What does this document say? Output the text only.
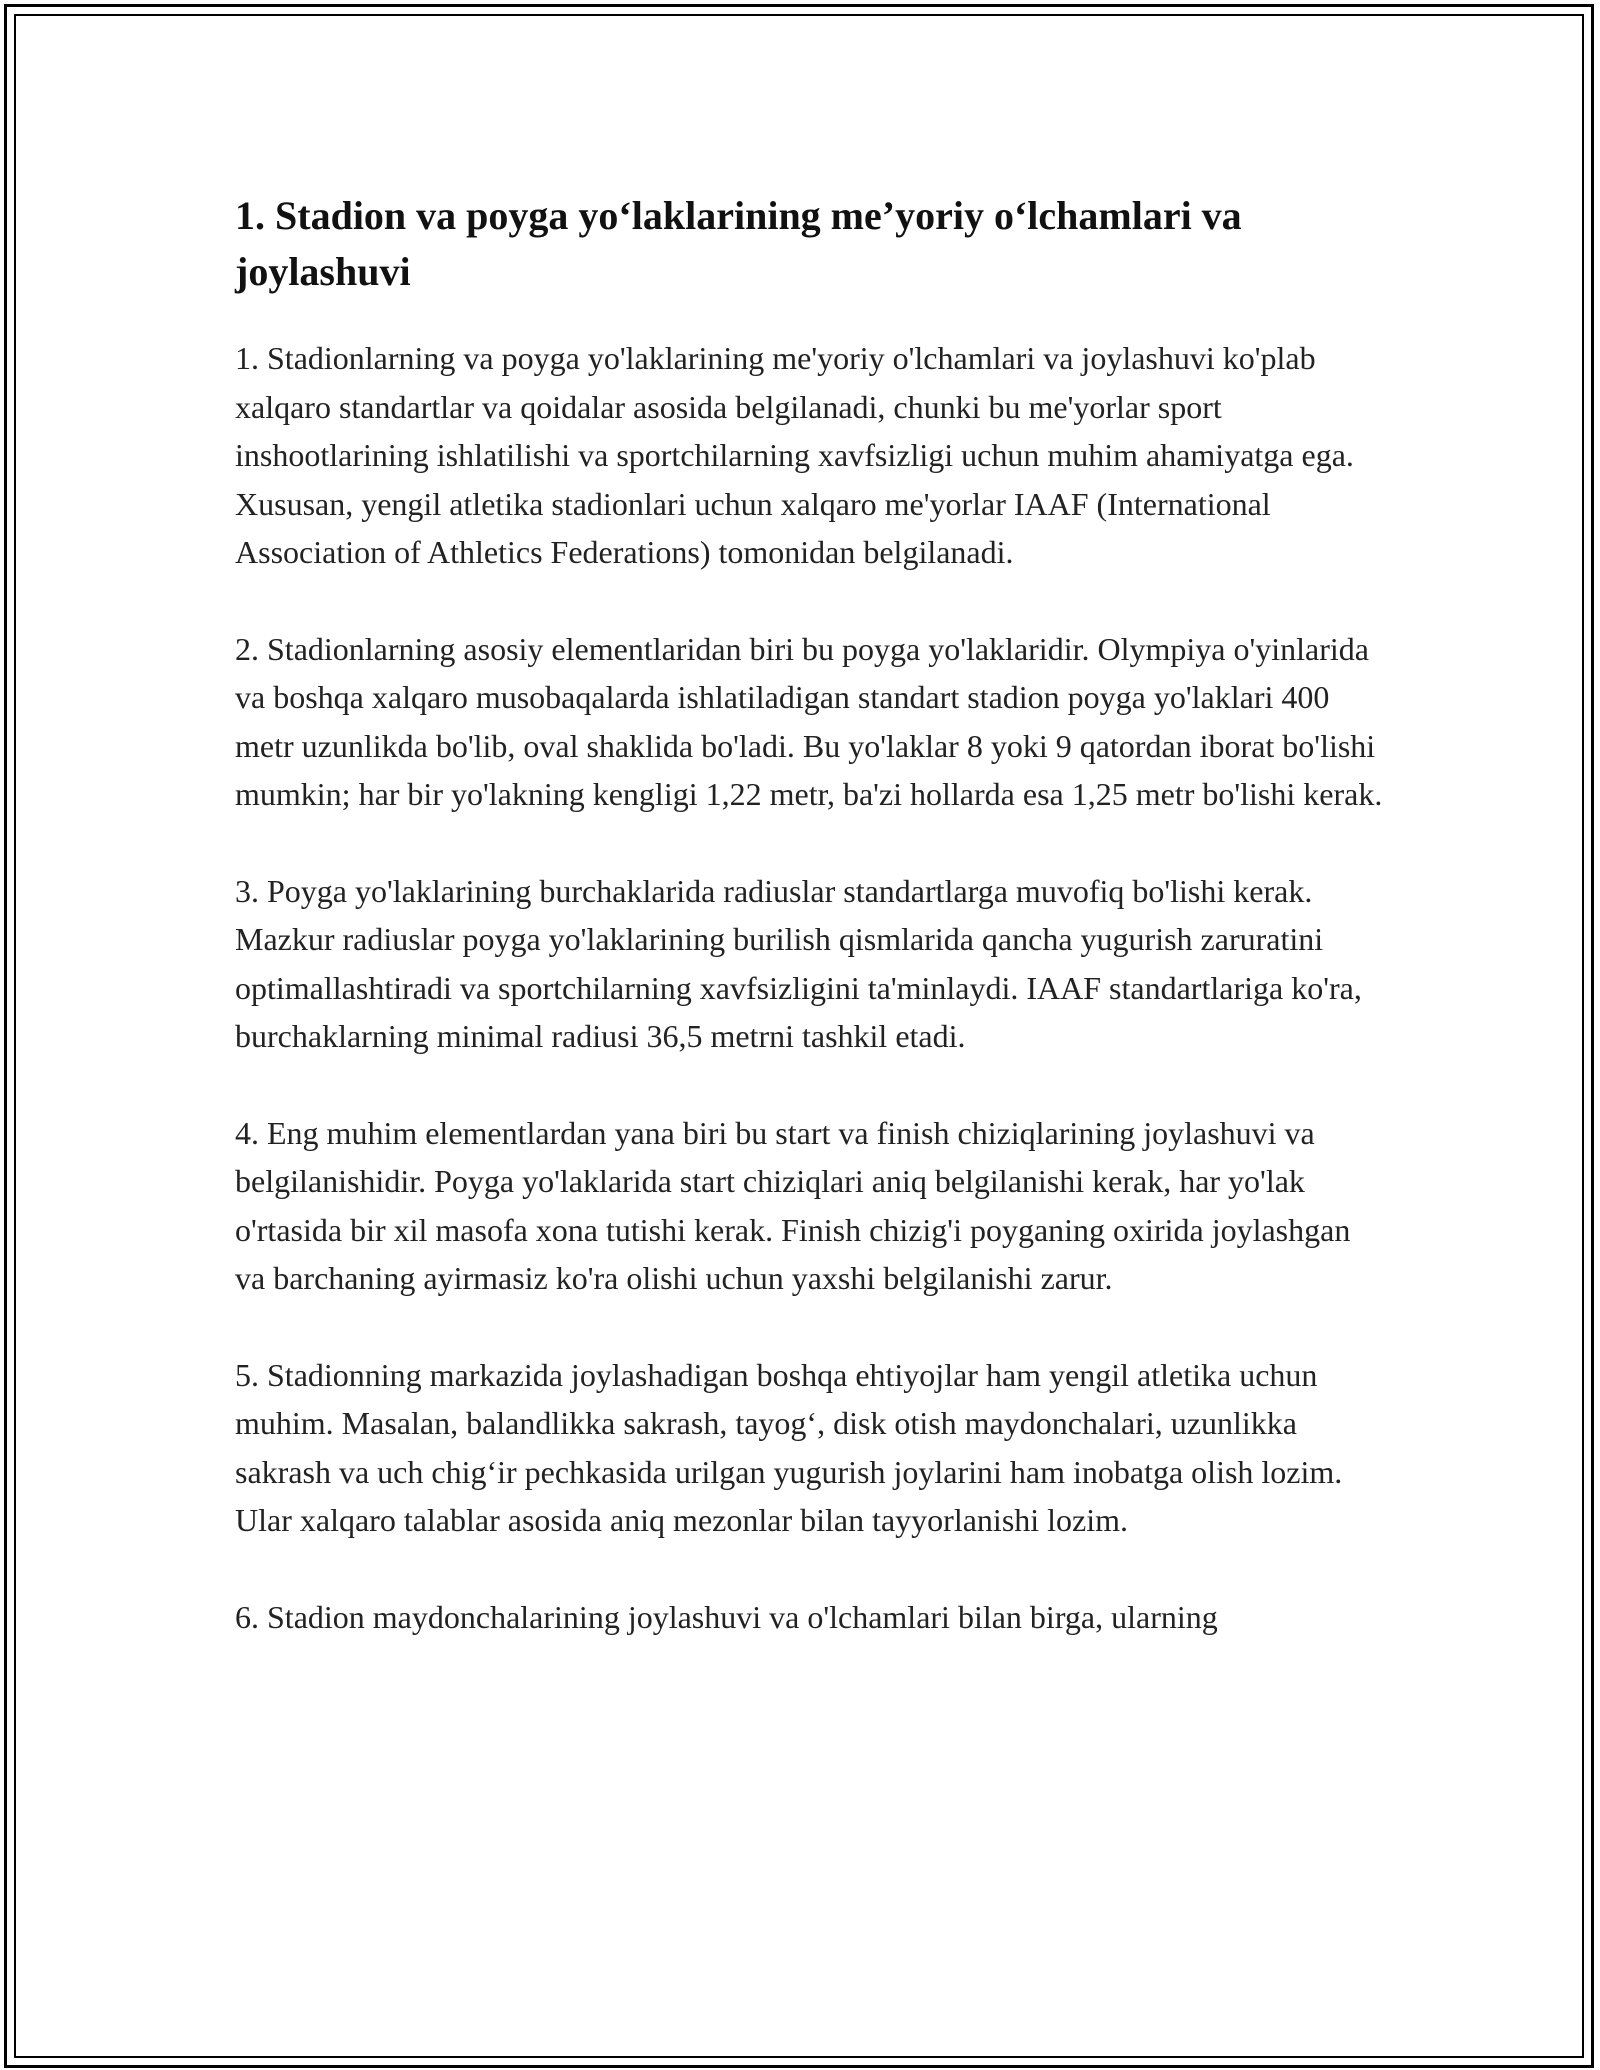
1. Stadion va poyga yo‘laklarining me’yoriy o‘lchamlari va joylashuvi

1. Stadionlarning va poyga yo'laklarining me'yoriy o'lchamlari va joylashuvi ko'plab xalqaro standartlar va qoidalar asosida belgilanadi, chunki bu me'yorlar sport inshootlarining ishlatilishi va sportchilarning xavfsizligi uchun muhim ahamiyatga ega. Xususan, yengil atletika stadionlari uchun xalqaro me'yorlar IAAF (International Association of Athletics Federations) tomonidan belgilanadi.

2. Stadionlarning asosiy elementlaridan biri bu poyga yo'laklaridir. Olympiya o'yinlarida va boshqa xalqaro musobaqalarda ishlatiladigan standart stadion poyga yo'laklari 400 metr uzunlikda bo'lib, oval shaklida bo'ladi. Bu yo'laklar 8 yoki 9 qatordan iborat bo'lishi mumkin; har bir yo'lakning kengligi 1,22 metr, ba'zi hollarda esa 1,25 metr bo'lishi kerak.

3. Poyga yo'laklarining burchaklarida radiuslar standartlarga muvofiq bo'lishi kerak. Mazkur radiuslar poyga yo'laklarining burilish qismlarida qancha yugurish zaruratini optimallashtiradi va sportchilarning xavfsizligini ta'minlaydi. IAAF standartlariga ko'ra, burchaklarning minimal radiusi 36,5 metrni tashkil etadi.

4. Eng muhim elementlardan yana biri bu start va finish chiziqlarining joylashuvi va belgilanishidir. Poyga yo'laklarida start chiziqlari aniq belgilanishi kerak, har yo'lak o'rtasida bir xil masofa xona tutishi kerak. Finish chizig'i poyganing oxirida joylashgan va barchaning ayirmasiz ko'ra olishi uchun yaxshi belgilanishi zarur.

5. Stadionning markazida joylashadigan boshqa ehtiyojlar ham yengil atletika uchun muhim. Masalan, balandlikka sakrash, tayog‘, disk otish maydonchalari, uzunlikka sakrash va uch chig‘ir pechkasida urilgan yugurish joylarini ham inobatga olish lozim. Ular xalqaro talablar asosida aniq mezonlar bilan tayyorlanishi lozim.

6. Stadion maydonchalarining joylashuvi va o'lchamlari bilan birga, ularning
